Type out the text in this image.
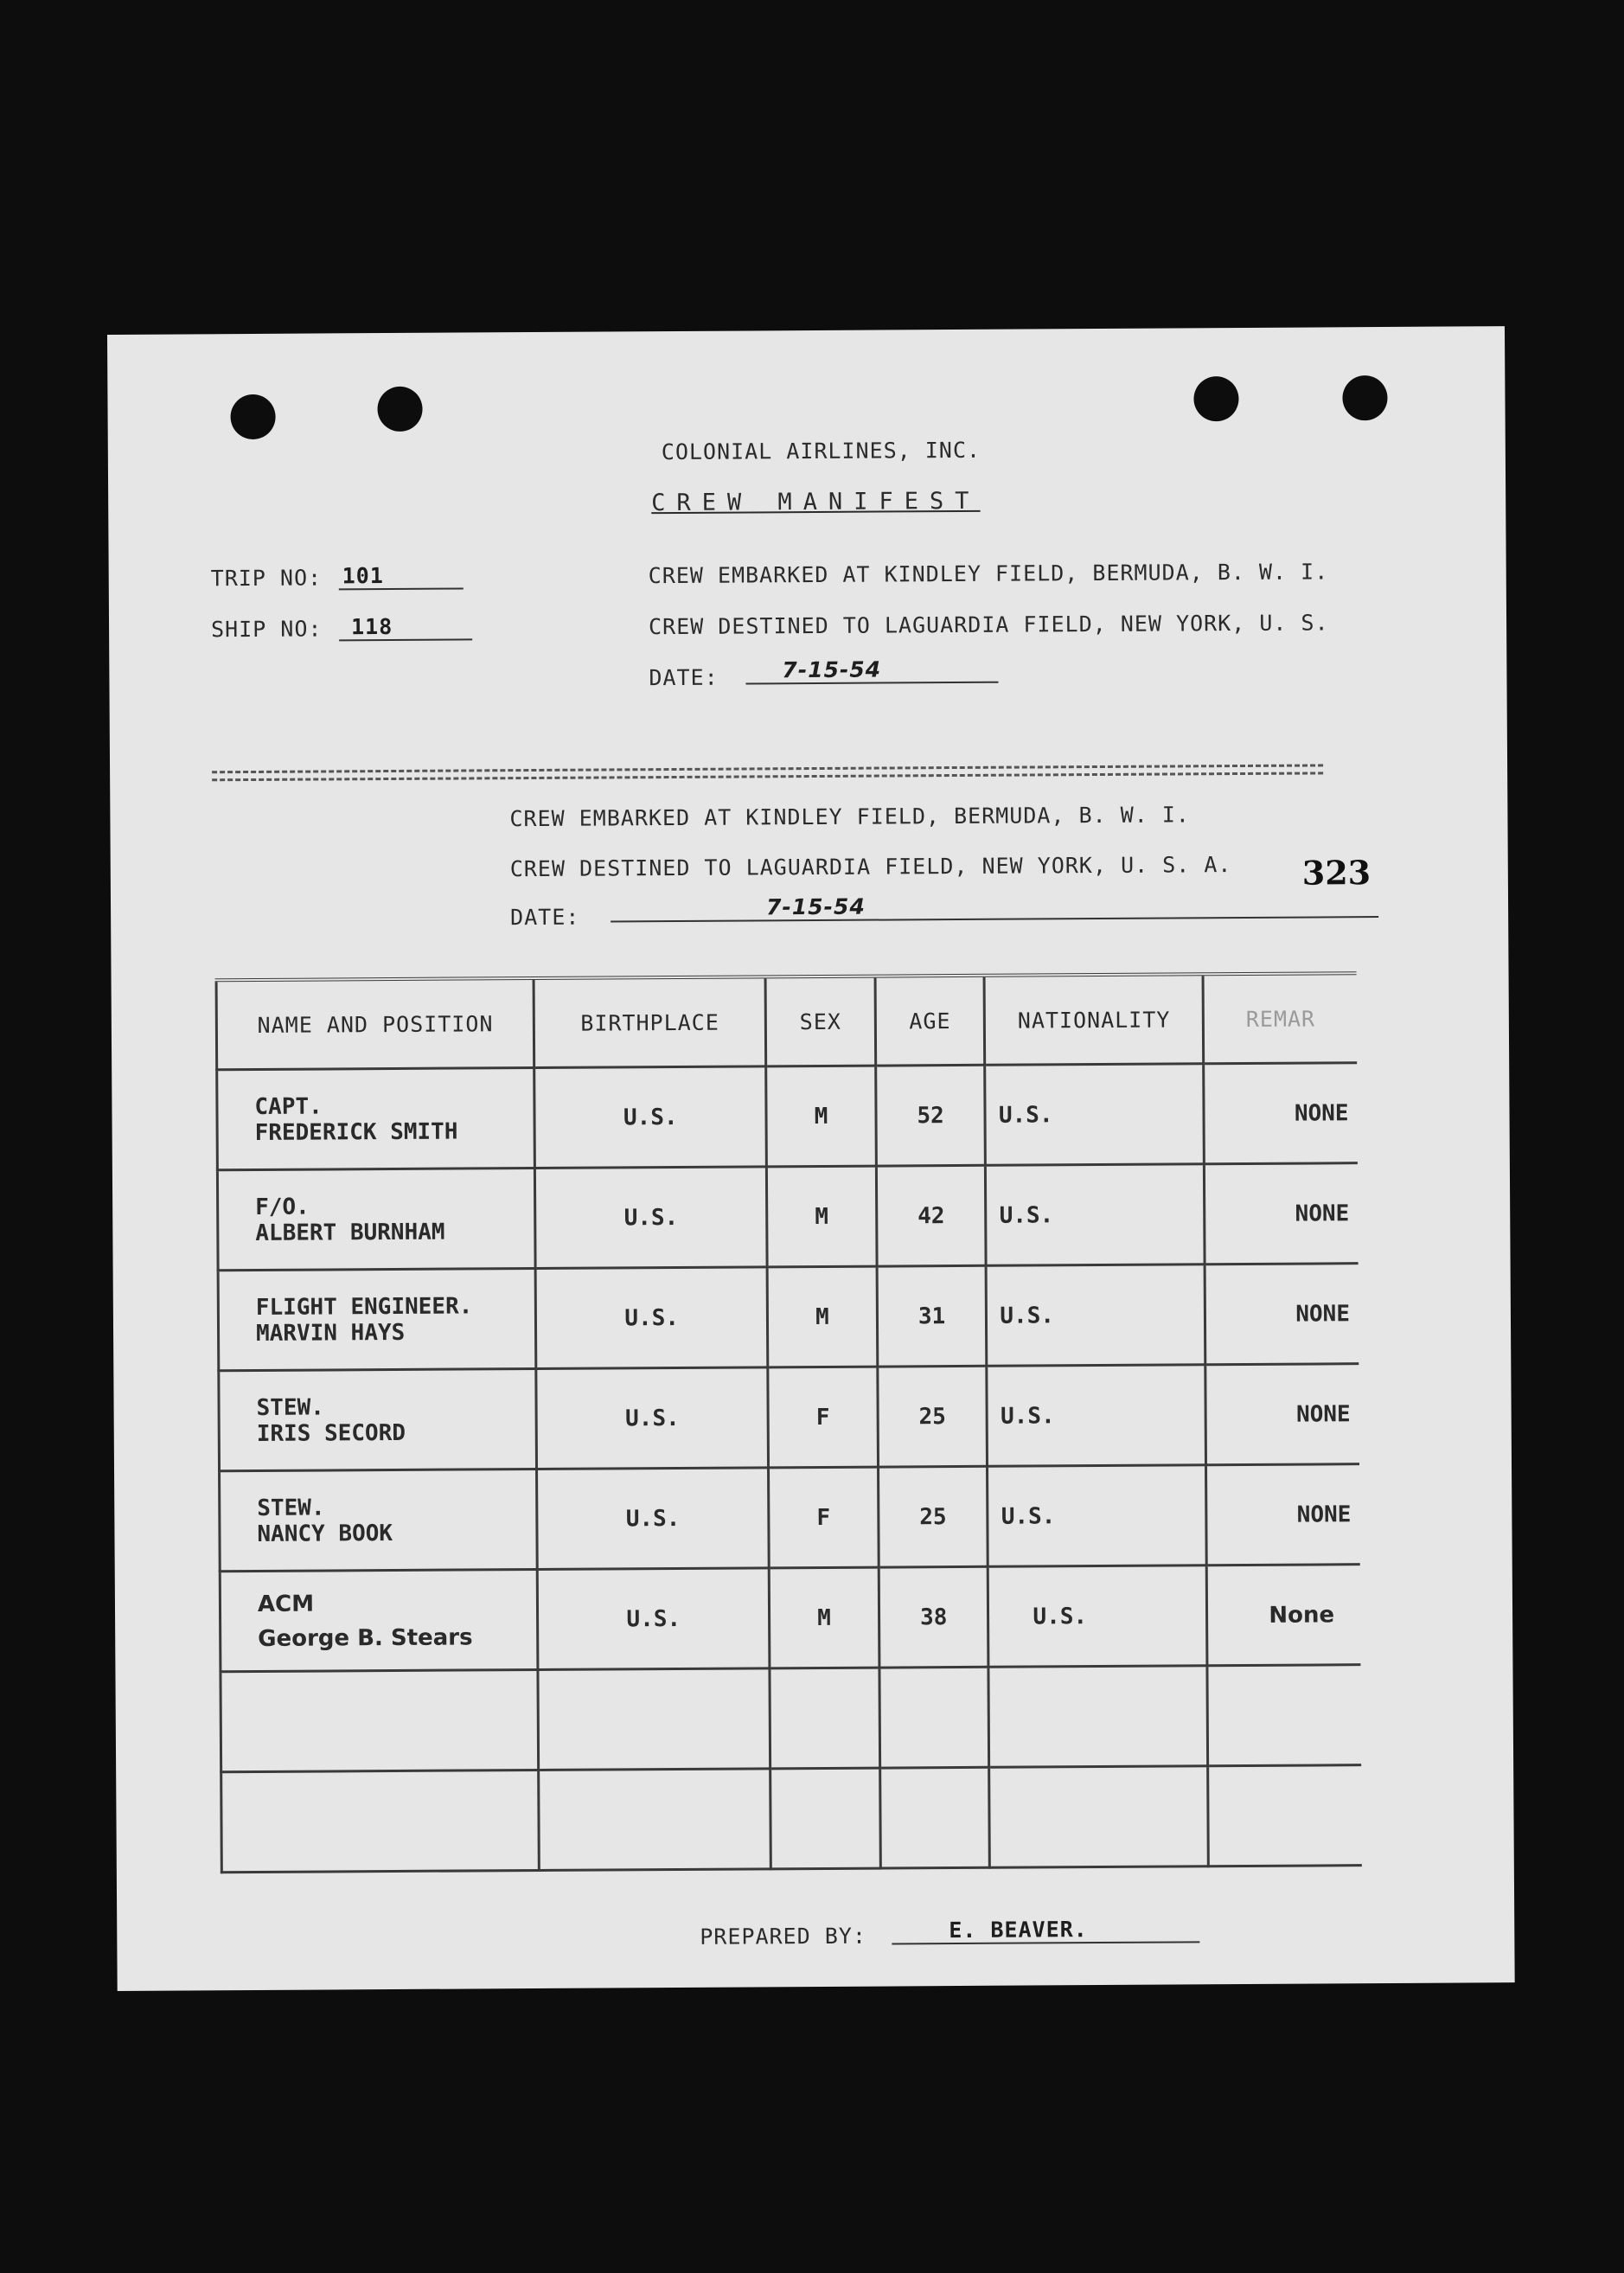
COLONIAL AIRLINES, INC.
CREW MANIFEST
TRIP NO: 101
SHIP NO:	118
CREW EMBARKED AT KINDLEY FIELD, BERMUDA, B. W. I.
CREW DESTINED TO LAGUARDIA FIELD, NEW YORK, U. S.
DATE:	7-15-54
CREW EMBARKED AT KINDLEY FIELD, BERMUDA, B. W. I.
CREW DESTINED TO LAGUARDIA FIELD, NEW YORK, U. S. A.
DATE:	7-15-54
323
NAME AND POSITION	BIRTHPLACE	SEX	AGE	NATIONALITY	REMAR

CAPT.
FREDERICK SMITH	U.S.	M	52	U.S.	NONE

F/O.
ALBERT BURNHAM	U.S.	M	42	U.S.	NONE

FLIGHT ENGINEER.
MARVIN HAYS	U.S.	M	31	U.S.	NONE

STEW.
IRIS SECORD	U.S.	F	25	U.S.	NONE

STEW.
NANCY BOOK	U.S.	F	25	U.S.	NONE

ACM
George B. Stears	U.S.	M	38	U.S.	None

PREPARED BY:	E. BEAVER.
